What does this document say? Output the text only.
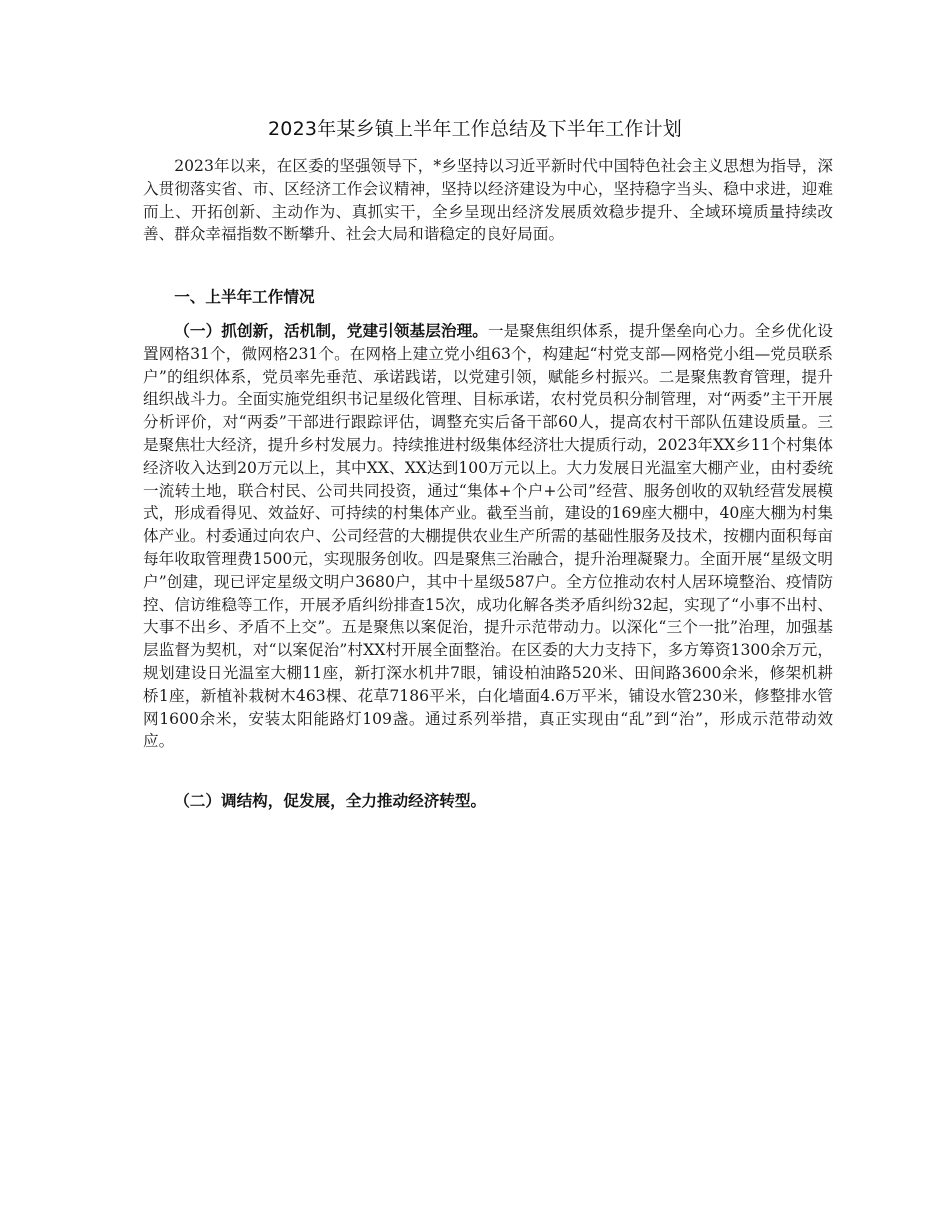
2023年某乡镇上半年工作总结及下半年工作计划

2023年以来，在区委的坚强领导下，*乡坚持以习近平新时代中国特色社会主义思想为指导，深入贯彻落实省、市、区经济工作会议精神，坚持以经济建设为中心，坚持稳字当头、稳中求进，迎难而上、开拓创新、主动作为、真抓实干，全乡呈现出经济发展质效稳步提升、全域环境质量持续改善、群众幸福指数不断攀升、社会大局和谐稳定的良好局面。

一、上半年工作情况

（一）抓创新，活机制，党建引领基层治理。一是聚焦组织体系，提升堡垒向心力。全乡优化设置网格31个，微网格231个。在网格上建立党小组63个，构建起“村党支部—网格党小组—党员联系户”的组织体系，党员率先垂范、承诺践诺，以党建引领，赋能乡村振兴。二是聚焦教育管理，提升组织战斗力。全面实施党组织书记星级化管理、目标承诺，农村党员积分制管理，对“两委”主干开展分析评价，对“两委”干部进行跟踪评估，调整充实后备干部60人，提高农村干部队伍建设质量。三是聚焦壮大经济，提升乡村发展力。持续推进村级集体经济壮大提质行动，2023年XX乡11个村集体经济收入达到20万元以上，其中XX、XX达到100万元以上。大力发展日光温室大棚产业，由村委统一流转土地，联合村民、公司共同投资，通过“集体+个户+公司”经营、服务创收的双轨经营发展模式，形成看得见、效益好、可持续的村集体产业。截至当前，建设的169座大棚中，40座大棚为村集体产业。村委通过向农户、公司经营的大棚提供农业生产所需的基础性服务及技术，按棚内面积每亩每年收取管理费1500元，实现服务创收。四是聚焦三治融合，提升治理凝聚力。全面开展“星级文明户”创建，现已评定星级文明户3680户，其中十星级587户。全方位推动农村人居环境整治、疫情防控、信访维稳等工作，开展矛盾纠纷排查15次，成功化解各类矛盾纠纷32起，实现了“小事不出村、大事不出乡、矛盾不上交”。五是聚焦以案促治，提升示范带动力。以深化“三个一批”治理，加强基层监督为契机，对“以案促治”村XX村开展全面整治。在区委的大力支持下，多方筹资1300余万元，规划建设日光温室大棚11座，新打深水机井7眼，铺设柏油路520米、田间路3600余米，修架机耕桥1座，新植补栽树木463棵、花草7186平米，白化墙面4.6万平米，铺设水管230米，修整排水管网1600余米，安装太阳能路灯109盏。通过系列举措，真正实现由“乱”到“治”，形成示范带动效应。

（二）调结构，促发展，全力推动经济转型。
